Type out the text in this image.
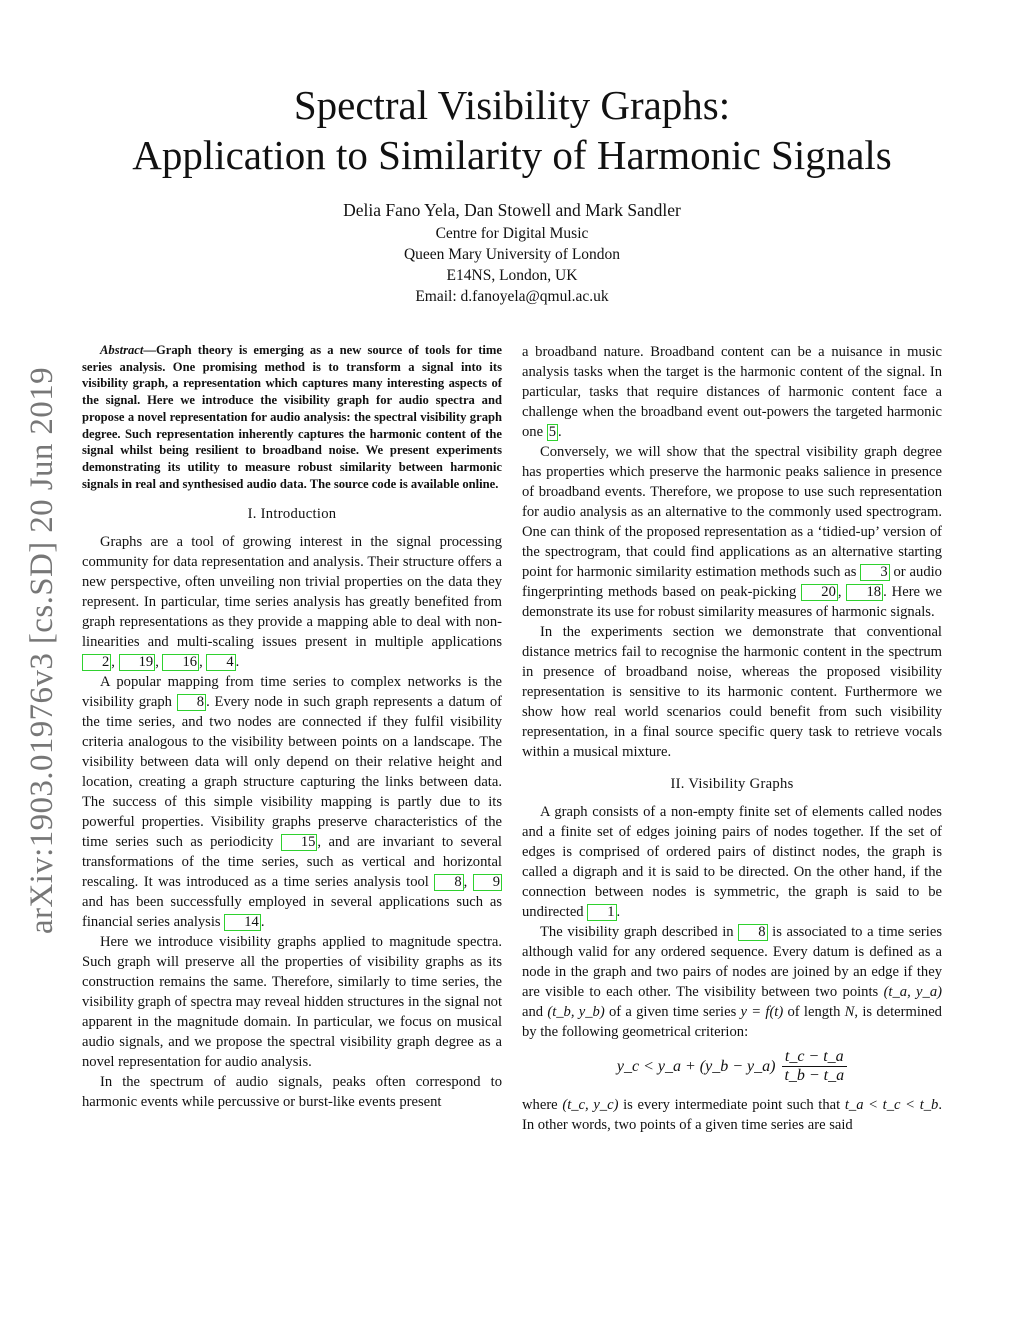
arXiv:1903.01976v3 [cs.SD] 20 Jun 2019
Spectral Visibility Graphs:
Application to Similarity of Harmonic Signals
Delia Fano Yela, Dan Stowell and Mark Sandler
Centre for Digital Music
Queen Mary University of London
E14NS, London, UK
Email: d.fanoyela@qmul.ac.uk

Abstract—Graph theory is emerging as a new source of tools for time series analysis. One promising method is to transform a signal into its visibility graph, a representation which captures many interesting aspects of the signal. Here we introduce the visibility graph for audio spectra and propose a novel representation for audio analysis: the spectral visibility graph degree. Such representation inherently captures the harmonic content of the signal whilst being resilient to broadband noise. We present experiments demonstrating its utility to measure robust similarity between harmonic signals in real and synthesised audio data. The source code is available online.

I. Introduction

Graphs are a tool of growing interest in the signal processing community for data representation and analysis. Their structure offers a new perspective, often unveiling non trivial properties on the data they represent. In particular, time series analysis has greatly benefited from graph representations as they provide a mapping able to deal with non-linearities and multi-scaling issues present in multiple applications 2 , 19 , 16 , 4 .

A popular mapping from time series to complex networks is the visibility graph 8 . Every node in such graph represents a datum of the time series, and two nodes are connected if they fulfil visibility criteria analogous to the visibility between points on a landscape. The visibility between data will only depend on their relative height and location, creating a graph structure capturing the links between data. The success of this simple visibility mapping is partly due to its powerful properties. Visibility graphs preserve characteristics of the time series such as periodicity 15 , and are invariant to several transformations of the time series, such as vertical and horizontal rescaling. It was introduced as a time series analysis tool 8 , 9 and has been successfully employed in several applications such as financial series analysis 14 .

Here we introduce visibility graphs applied to magnitude spectra. Such graph will preserve all the properties of visibility graphs as its construction remains the same. Therefore, similarly to time series, the visibility graph of spectra may reveal hidden structures in the signal not apparent in the magnitude domain. In particular, we focus on musical audio signals, and we propose the spectral visibility graph degree as a novel representation for audio analysis.

In the spectrum of audio signals, peaks often correspond to harmonic events while percussive or burst-like events present

a broadband nature. Broadband content can be a nuisance in music analysis tasks when the target is the harmonic content of the signal. In particular, tasks that require distances of harmonic content face a challenge when the broadband event out-powers the targeted harmonic one 5 .

Conversely, we will show that the spectral visibility graph degree has properties which preserve the harmonic peaks salience in presence of broadband events. Therefore, we propose to use such representation for audio analysis as an alternative to the commonly used spectrogram. One can think of the proposed representation as a ‘tidied-up’ version of the spectrogram, that could find applications as an alternative starting point for harmonic similarity estimation methods such as 3 or audio fingerprinting methods based on peak-picking 20 , 18 . Here we demonstrate its use for robust similarity measures of harmonic signals.

In the experiments section we demonstrate that conventional distance metrics fail to recognise the harmonic content in the spectrum in presence of broadband noise, whereas the proposed visibility representation is sensitive to its harmonic content. Furthermore we show how real world scenarios could benefit from such visibility representation, in a final source specific query task to retrieve vocals within a musical mixture.

II. Visibility Graphs

A graph consists of a non-empty finite set of elements called nodes and a finite set of edges joining pairs of nodes together. If the set of edges is comprised of ordered pairs of distinct nodes, the graph is called a digraph and it is said to be directed. On the other hand, if the connection between nodes is symmetric, the graph is said to be undirected 1 .

The visibility graph described in 8 is associated to a time series although valid for any ordered sequence. Every datum is defined as a node in the graph and two pairs of nodes are joined by an edge if they are visible to each other. The visibility between two points (t_a, y_a) and (t_b, y_b) of a given time series y = f(t) of length N, is determined by the following geometrical criterion:

y_c < y_a + (y_b − y_a) $\frac{t\_c - t\_a}{t\_b - t\_a}$

where (t_c, y_c) is every intermediate point such that t_a < t_c < t_b. In other words, two points of a given time series are said
